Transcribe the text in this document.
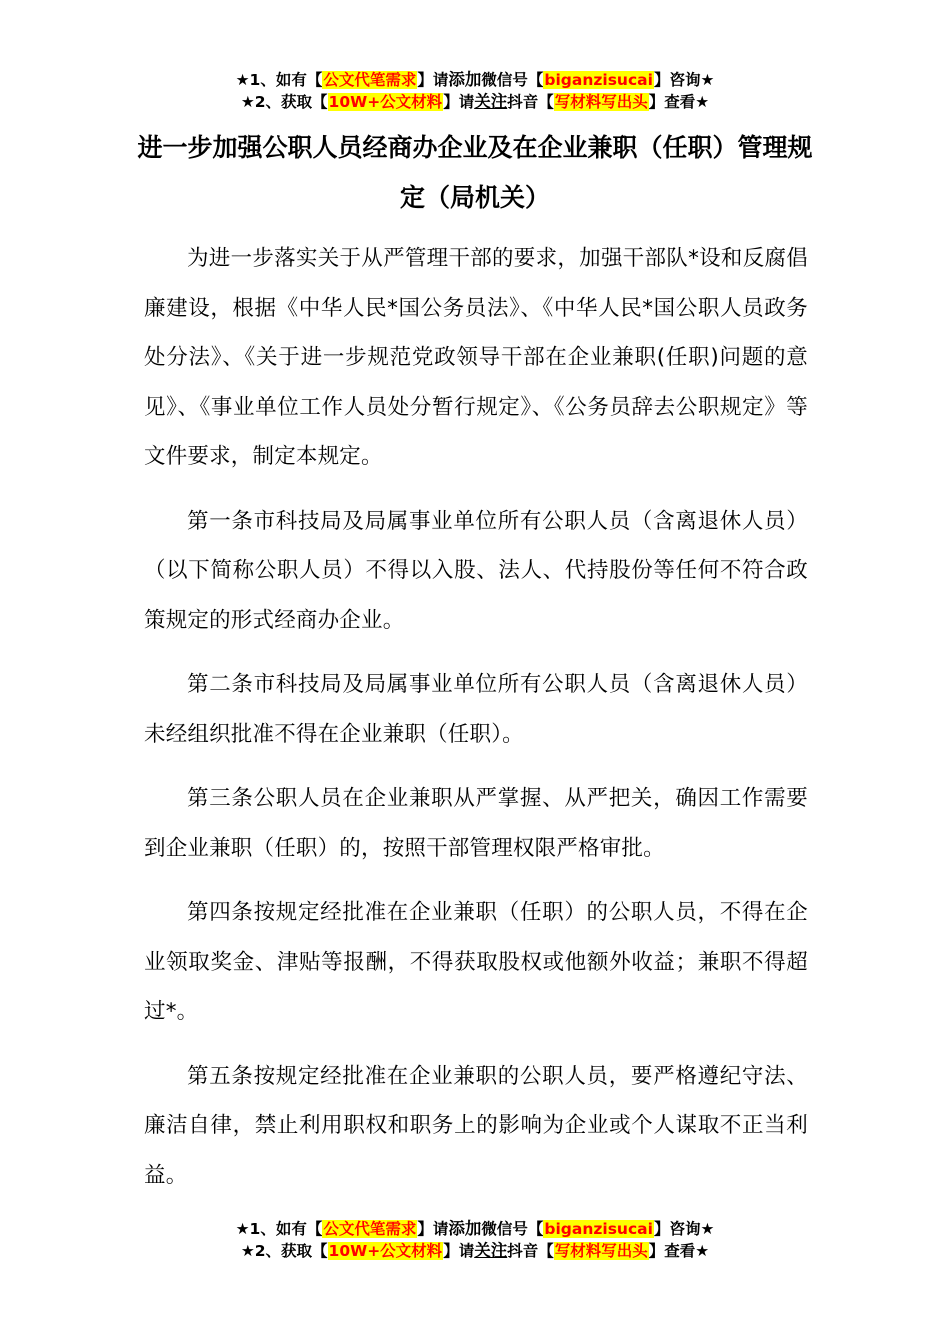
★1、如有【公文代笔需求】请添加微信号【biganzisucai】咨询★
★2、获取【10W+公文材料】请关注抖音【写材料写出头】查看★
进一步加强公职人员经商办企业及在企业兼职（任职）管理规定（局机关）

为进一步落实关于从严管理干部的要求，加强干部队*设和反腐倡廉建设，根据《中华人民*国公务员法》、《中华人民*国公职人员政务处分法》、《关于进一步规范党政领导干部在企业兼职(任职)问题的意见》、《事业单位工作人员处分暂行规定》、《公务员辞去公职规定》等文件要求，制定本规定。

第一条市科技局及局属事业单位所有公职人员（含离退休人员）（以下简称公职人员）不得以入股、法人、代持股份等任何不符合政策规定的形式经商办企业。

第二条市科技局及局属事业单位所有公职人员（含离退休人员）未经组织批准不得在企业兼职（任职）。

第三条公职人员在企业兼职从严掌握、从严把关，确因工作需要到企业兼职（任职）的，按照干部管理权限严格审批。

第四条按规定经批准在企业兼职（任职）的公职人员，不得在企业领取奖金、津贴等报酬，不得获取股权或他额外收益；兼职不得超过*。

第五条按规定经批准在企业兼职的公职人员，要严格遵纪守法、廉洁自律，禁止利用职权和职务上的影响为企业或个人谋取不正当利益。

★1、如有【公文代笔需求】请添加微信号【biganzisucai】咨询★
★2、获取【10W+公文材料】请关注抖音【写材料写出头】查看★
